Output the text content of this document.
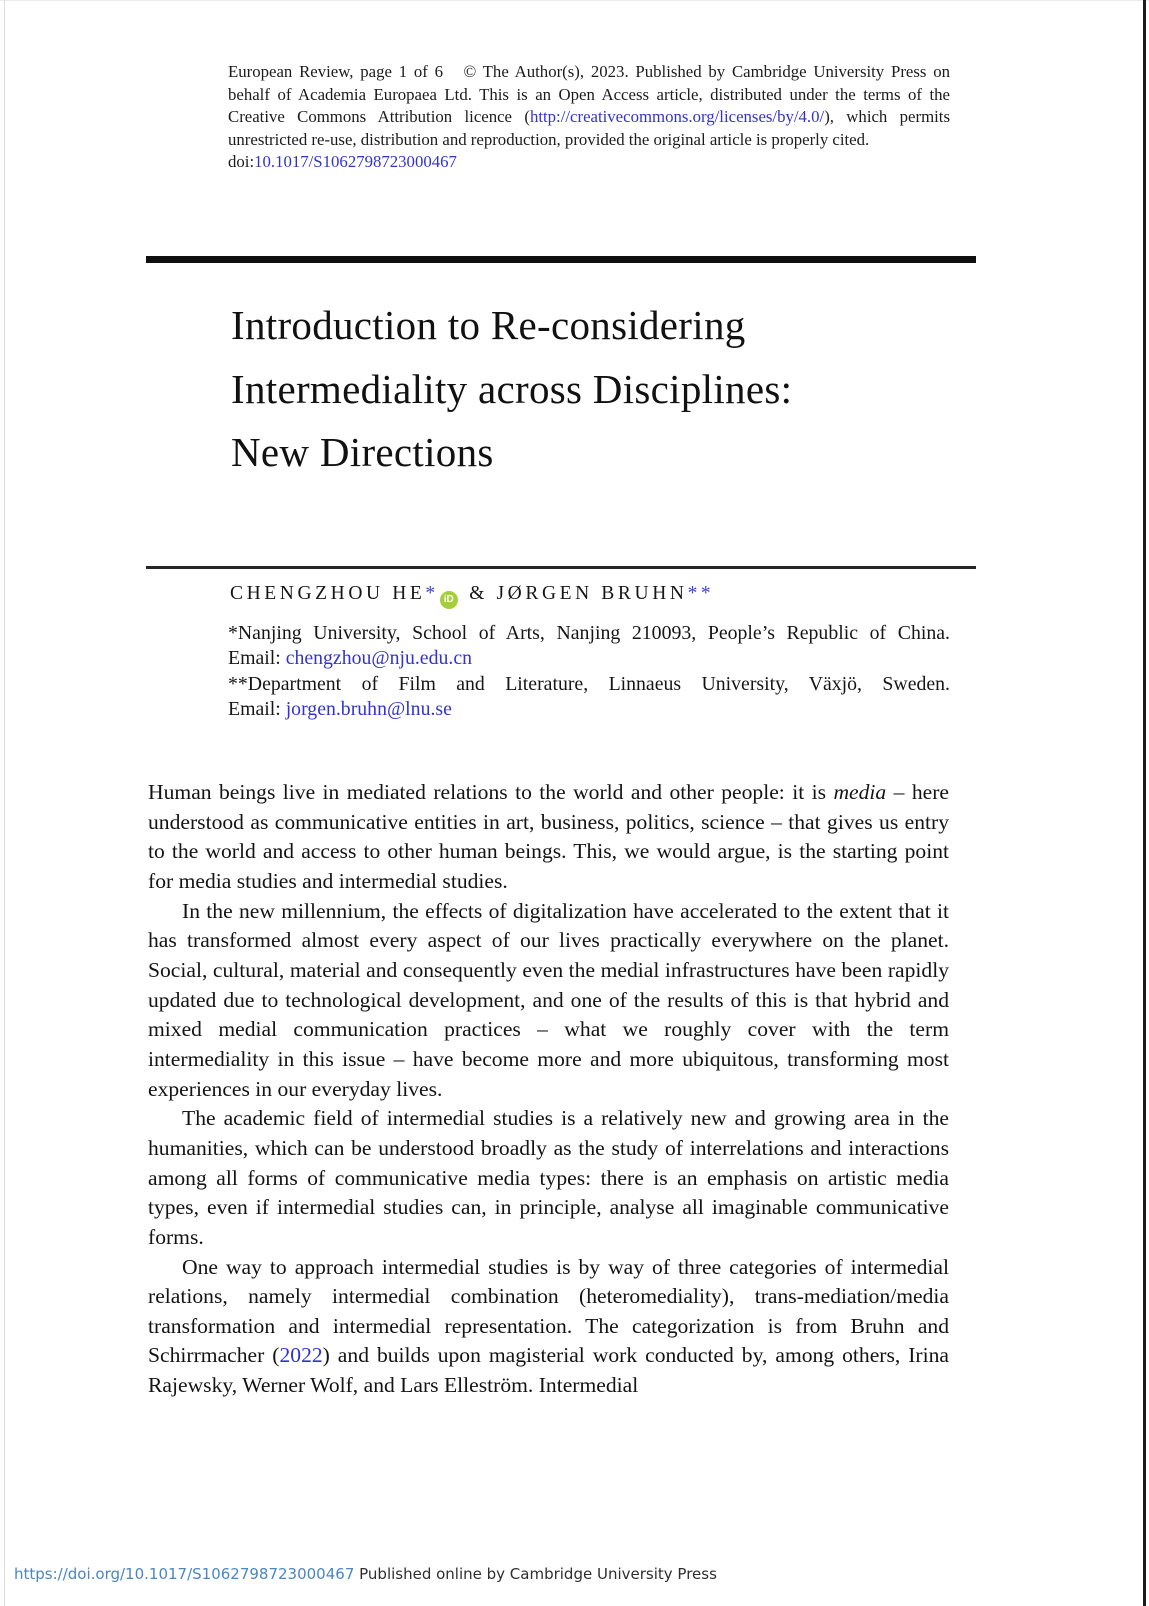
European Review, page 1 of 6   © The Author(s), 2023. Published by Cambridge University Press on behalf of Academia Europaea Ltd. This is an Open Access article, distributed under the terms of the Creative Commons Attribution licence (http://creativecommons.org/licenses/by/4.0/), which permits unrestricted re-use, distribution and reproduction, provided the original article is properly cited.
doi:10.1017/S1062798723000467
Introduction to Re-considering
Intermediality across Disciplines:
New Directions
CHENGZHOU HE* iD & JØRGEN BRUHN**
*Nanjing University, School of Arts, Nanjing 210093, People’s Republic of China.
Email: chengzhou@nju.edu.cn
**Department of Film and Literature, Linnaeus University, Växjö, Sweden.
Email: jorgen.bruhn@lnu.se

Human beings live in mediated relations to the world and other people: it is media – here understood as communicative entities in art, business, politics, science – that gives us entry to the world and access to other human beings. This, we would argue, is the starting point for media studies and intermedial studies.

In the new millennium, the effects of digitalization have accelerated to the extent that it has transformed almost every aspect of our lives practically everywhere on the planet. Social, cultural, material and consequently even the medial infrastructures have been rapidly updated due to technological development, and one of the results of this is that hybrid and mixed medial communication practices – what we roughly cover with the term intermediality in this issue – have become more and more ubiquitous, transforming most experiences in our everyday lives.

The academic field of intermedial studies is a relatively new and growing area in the humanities, which can be understood broadly as the study of interrelations and interactions among all forms of communicative media types: there is an emphasis on artistic media types, even if intermedial studies can, in principle, analyse all imaginable communicative forms.

One way to approach intermedial studies is by way of three categories of intermedial relations, namely intermedial combination (heteromediality), trans-mediation/media transformation and intermedial representation. The categorization is from Bruhn and Schirrmacher (2022) and builds upon magisterial work conducted by, among others, Irina Rajewsky, Werner Wolf, and Lars Elleström. Intermedial

https://doi.org/10.1017/S1062798723000467 Published online by Cambridge University Press
